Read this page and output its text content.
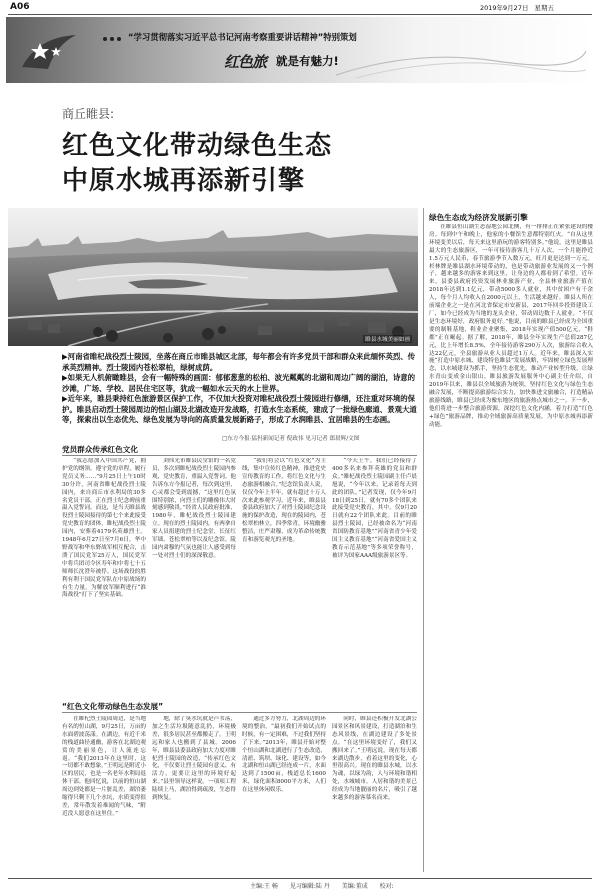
A06	2019年9月27日 星期五
“学习贯彻落实习近平总书记河南考察重要讲话精神”特别策划
红色旅 就是有魅力!
商丘睢县:
红色文化带动绿色生态
中原水城再添新引擎
睢县水城美丽如画
▶河南省睢杞战役烈士陵园，坐落在商丘市睢县城区北部，每年都会有许多党员干部和群众来此缅怀英烈、传承英烈精神。烈士陵园内苍松翠柏，绿树成荫。
▶如果无人机俯瞰睢县，会有一幅特殊的画面：郁郁葱葱的松柏、波光粼粼的北湖和周边广阔的湖泊，诗意的沙滩，广场、学校、居民住宅区等，犹成一幅如水云天的水上世界。
▶近年来，睢县秉持红色旅游景区保护工作，不仅加大投资对睢杞战役烈士陵园进行修缮，还注重对环境的保护。睢县启动烈士陵园周边的恒山湖及北湖改造开发战略，打造水生态系统，建成了一批绿色廊道、景观大道等，探索出以生态优先、绿色发展为导向的高质量发展新路子，形成了水润睢县、宜居睢县的生态画。
□东方今报·猛犸新闻记者 倪政伟 见习记者 郎晨辉/文图
党员群众传承红色文化

“我志愿加入中国共产党，拥护党的纲领，遵守党的章程，履行党员义务……”9月25日上午10时30分许，河南省睢杞战役烈士陵园内，来自商丘市水利局的30多名党员干部，正在烈士纪念碑前重温入党誓词。而这，是当天睢县战役烈士陵园接待的第七个来此接受党史教育的团体。睢杞战役烈士陵园内，安葬着4179名英雄烈士。1948年6月27日至7月6日，华中野战军和华东野战军相互配合，击溃了国民党军25万人，国民党军中将兵团司令区寿年和中将七十五师师长沈澄年被俘。这场战役的胜利有利于国民党军队在中原战场的有生力量，为解放军顺利进行“淮海战役”打下了坚实基础。

刘伟光市睢县民堂馆的一名党员，多次到睢杞战役烈士陵园内参观，党史教育，重温入党誓词。他告诉东方今报记者，每次到这里，心灵都会受到震撼，“这里红色氛围特别浓，向烈士们的雕像伟大时刻感到敬畏。”经省人民政府批准，1980年，睢杞战役烈士陵园建立。现在的烈士陵园内，有两拿自家人员捐建的烈士纪念堂、长征红军墙、苍松翠柏等以及纪念馆。陵园内肃穆的气氛也能让人感受到每一处对烈士们的深深敬意。

“我们将会以“红色文化”为主线，集中宣传红色精神，推进党史宣传教育的工作，将红色文化与生态旅游相融合。”纪念馆负责人说，仅仅今年上半年，就有超过十万人次来此参观学习。近年来，睢县县委县政府加大了对烈士陵园纪念设施的保护改造，现在的陵园内，苍松翠柏林立，四季常青，环境幽雅整洁，庄严肃穆，成为革命传统教育和游览观光的圣地。

“今天上午，我们已经接待了400多名来参拜英雄的党员和群众。”睢杞战役烈士陵园副主任卢晨旭说，“今年以来，记录着每天到此的团队。”记者发现，仅今年9月18日到25日，就有70多个团队来此接受党史教育，其中，仅9月20日就有22个团队来此。目前的睢县烈士陵园，已经被命名为“河南省国防教育基地”“河南省青少年爱国主义教育基地”“河南省爱国主义教育示范基地”等多项荣誉称号，被评为国家AAA级旅游景区等。

“红色文化带动绿色生态发展”

在睢杞烈士陵园周边，是当地有名的恒山湖，9月25日，万亩的水面碧波荡漾。在湖边，有近千米的栈道曲径通幽，游客在北湖边观赏的美丽景色，让人流连忘返。“我们2013年在这里时，这一切都不敢想象。”王明远是附近小区的居民，也是一名老年水利局退休干部。他回忆说，以前的恒山湖周边到处都是一片脏乱差，湖泊萎缩得只剩下几个水坑，水质变得很差，常年散发着难闻的气味，“附近没人愿意在这里住。”

地，除了臭水坑就是芦苇荡，加之生活垃圾随意乱扔，环境极差，很多居民甚至都搬走了。王明远和家人也搬到了县城。2006年，睢县县委县政府加大力度对睢杞烈士陵园的改造，“传承红色文化，不仅要让烈士陵园有意义、有活力，更要让这里的环境好起来。”县里领导这样说。一项项工程陆续上马，湖泊得到疏浚，生态得到恢复。

通过多方努力，北湖周边的环境的整治，“最初我们开始试点的时候，有一定困难，不过我们坚持了下来。”2013年，睢县开始对整个恒山湖和北湖进行了生态改造，清淤、筑坝、绿化、建设等，如今北湖和恒山湖已经连成一片，水面达到了1500亩，栈道总长1600米，绿化面积8000平方米，人们在这里休闲娱乐。

同时，睢县还积极开发北湖公园景区和风景建设，打造湖泊和生态风景线，在湖边建设了多处景点。“在这里环境变好了，我们又搬回来了。”王明远说，现在每天都来湖边散步，看着这里的变化，心里很高兴。现在的睢县水城，以水为魂，以绿为韵，人与环境和谐相处，水城城市，人居和谐的美景已经成为当地靓丽的名片，吸引了越来越多的游客慕名而来。

绿色生态成为经济发展新引擎

在睢县恒山湖生态湿地公园北侧，有一排排正在紧张建设的楼房。每到中午和晚上，他家的小餐馆生意都特别红火。“自从这里环境变美以后，每天来这里游玩的游客特别多。”他说，这里是睢县最大的生态旅游区，一年可接待游客几十万人次。一个月能挣近1.5万元人民币，春节旅游季节入数万元，旺月更是达到一万元。杉林牌是睢县湖水环境带动的，也是带动旅游业发展的又一个例子，越来越多的游客来到这里，让身边的人都看到了希望。近年来，县委县政府投资发展林业旅游产业，全县林业旅游产值在2018年达到1.1亿元，带动5000多人就业，其中贫困户有千余人，每个月人均收入在2000元以上，生活越来越好。睢县人所在前端企业之一是在河北省保定市安新县，2017年回乡投资建设工厂，如今已经成为当地的龙头企业，带动周边数千人就业。“不仅是生态环境好，政府服务更好。”他说，目前的睢县已经成为全国重要的制鞋基地，鞋业企业聚集，2018年实现产值500亿元，“鞋都”正在崛起。据了解，2018年，睢县全年实现生产总值287亿元，比上年增长8.5%，全年接待游客290万人次，旅游综合收入达22亿元，全县旅游从业人员超过1万人。近年来，睢县深入实施“打造中原水城、建设特色睢县”发展战略，牢固树立绿色发展理念，以水城建设为抓手，坚持生态优先，推动产业转型升级，让绿水青山变成金山银山。睢县旅游发展服务中心副主任介绍，自2019年以来，睢县以全域旅游为统领，坚持红色文化与绿色生态融合发展，不断提高旅游综合实力，加快推进文旅融合，打造精品旅游线路，睢县已经成为豫东地区的旅游热点城市之一。下一步，他们将进一步整合旅游资源，深挖红色文化内涵，着力打造“红色+绿色”旅游品牌，推动全域旅游高质量发展，为中原水城再添新动能。

主编:王 畅 见习编辑:陆 丹 美编:董成 校对:
